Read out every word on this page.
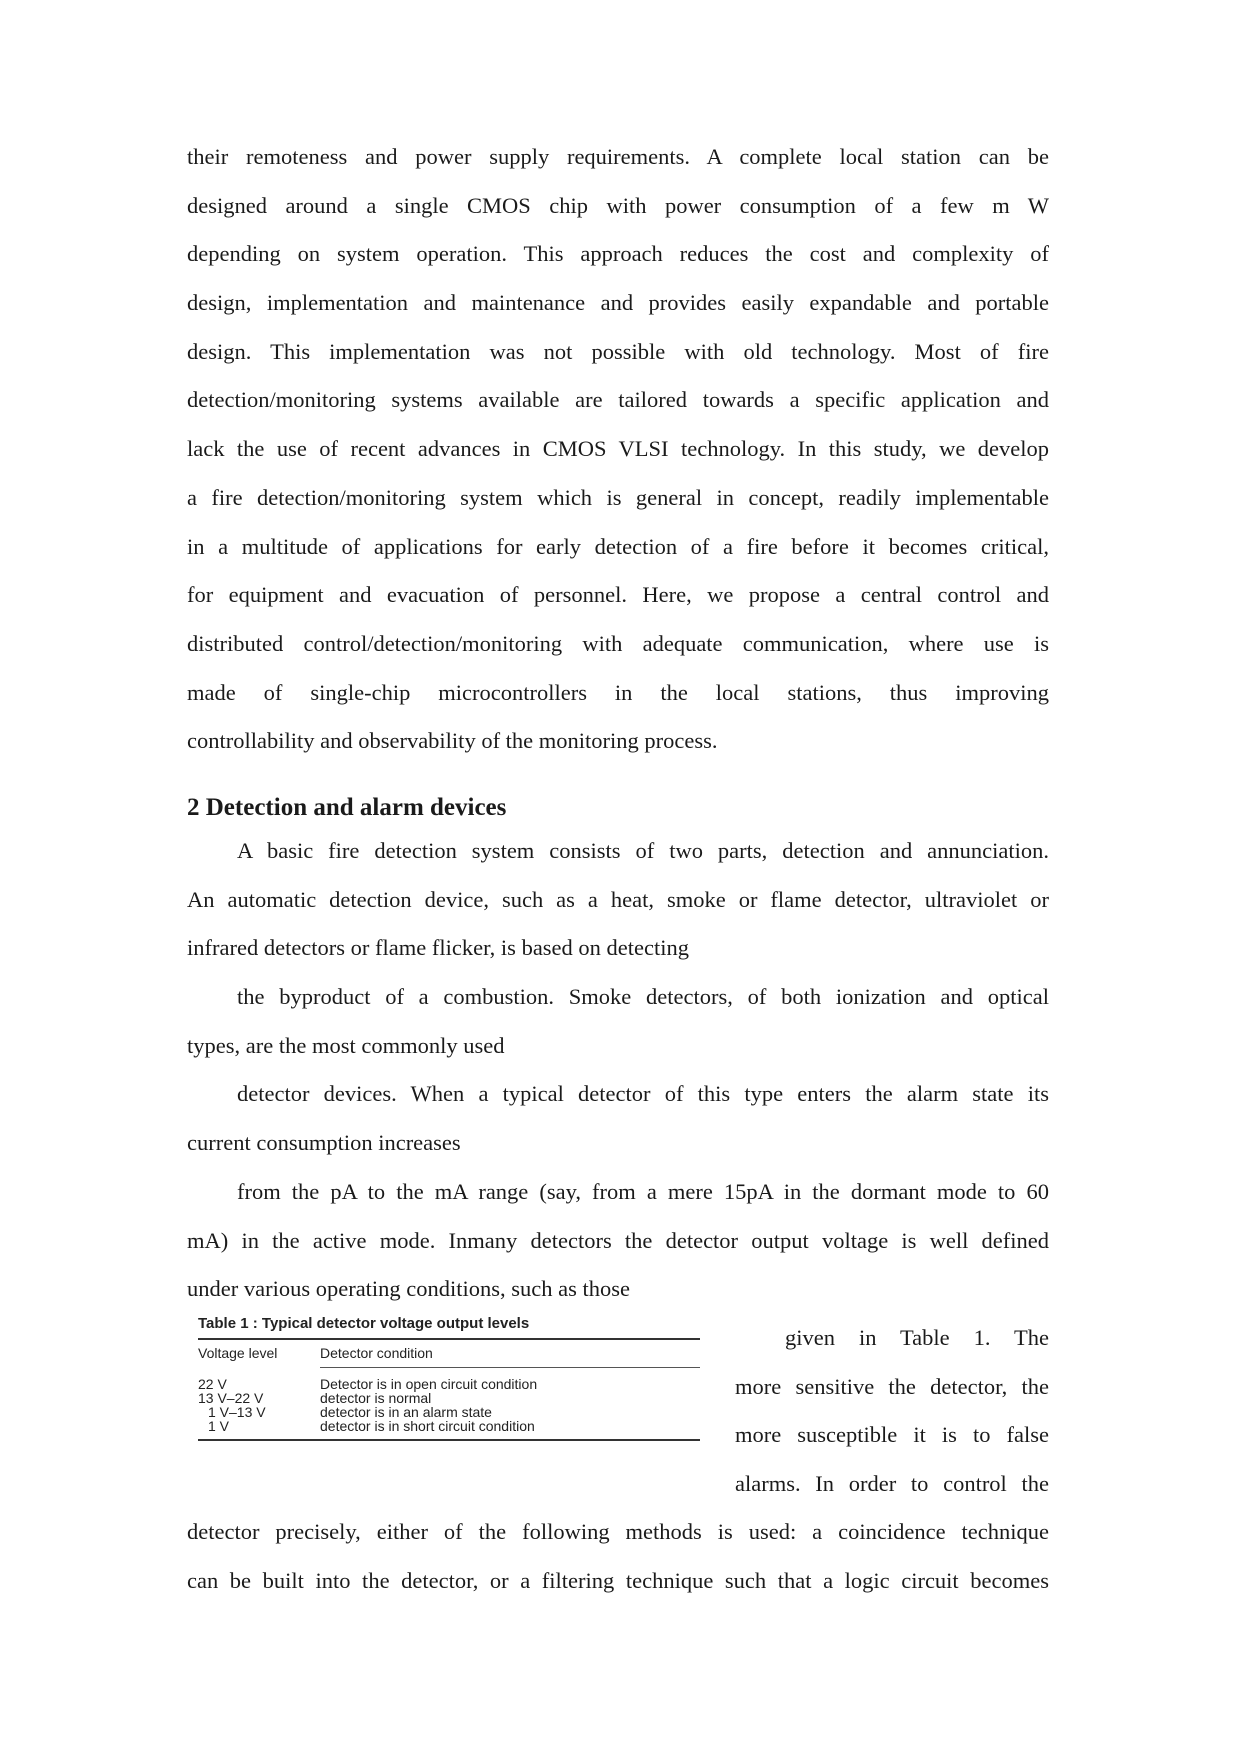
their remoteness and power supply requirements. A complete local station can be
designed around a single CMOS chip with power consumption of a few m W
depending on system operation. This approach reduces the cost and complexity of
design, implementation and maintenance and provides easily expandable and portable
design. This implementation was not possible with old technology. Most of fire
detection/monitoring systems available are tailored towards a specific application and
lack the use of recent advances in CMOS VLSI technology. In this study, we develop
a fire detection/monitoring system which is general in concept, readily implementable
in a multitude of applications for early detection of a fire before it becomes critical,
for equipment and evacuation of personnel. Here, we propose a central control and
distributed control/detection/monitoring with adequate communication, where use is
made of single-chip microcontrollers in the local stations, thus improving
controllability and observability of the monitoring process.
2 Detection and alarm devices
A basic fire detection system consists of two parts, detection and annunciation.
An automatic detection device, such as a heat, smoke or flame detector, ultraviolet or
infrared detectors or flame flicker, is based on detecting
the byproduct of a combustion. Smoke detectors, of both ionization and optical
types, are the most commonly used
detector devices. When a typical detector of this type enters the alarm state its
current consumption increases
from the pA to the mA range (say, from a mere 15pA in the dormant mode to 60
mA) in the active mode. Inmany detectors the detector output voltage is well defined
under various operating conditions, such as those
Table 1 : Typical detector voltage output levels
Voltage level	Detector condition
22 V	Detector is in open circuit condition
13 V–22 V	detector is normal
1 V–13 V	detector is in an alarm state
1 V	detector is in short circuit condition
given in Table 1. The
more sensitive the detector, the
more susceptible it is to false
alarms. In order to control the
detector precisely, either of the following methods is used: a coincidence technique
can be built into the detector, or a filtering technique such that a logic circuit becomes
